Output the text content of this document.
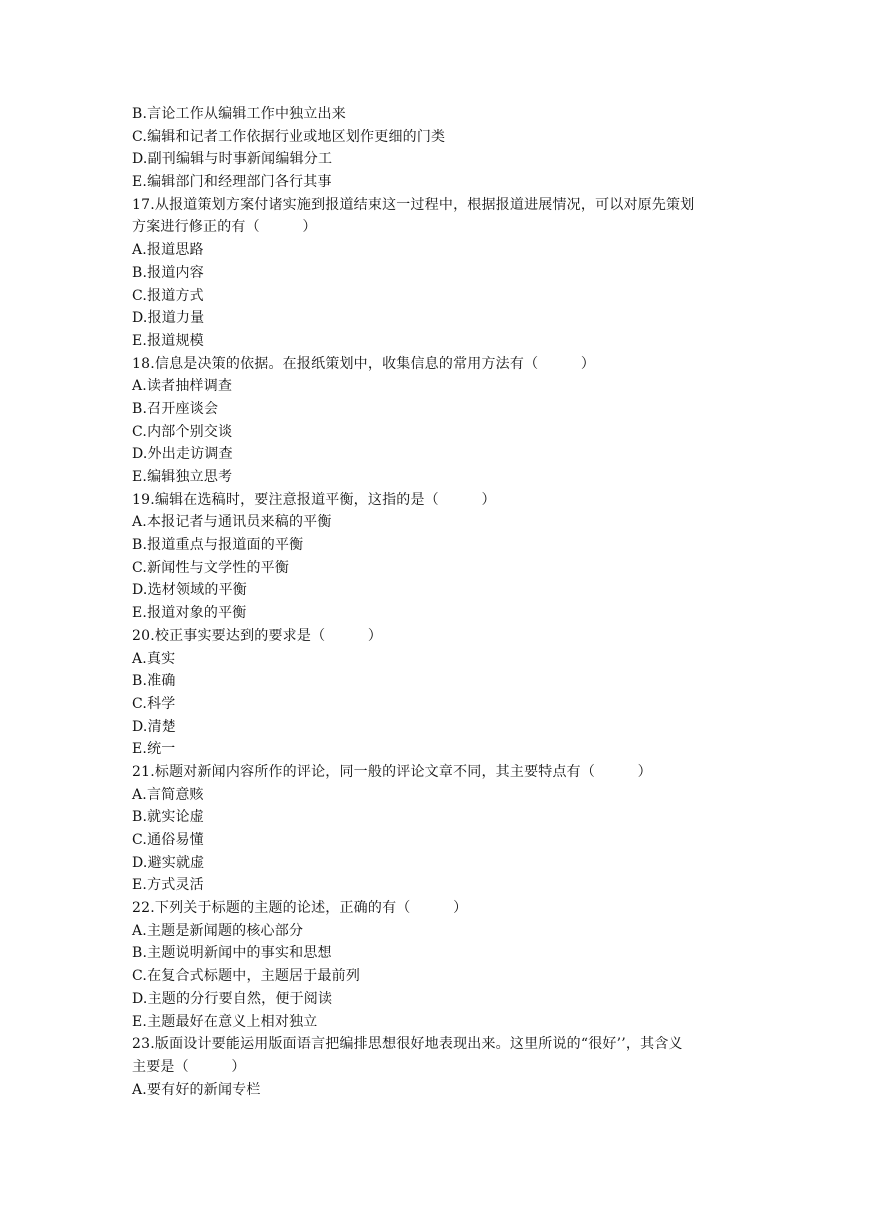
B.言论工作从编辑工作中独立出来
C.编辑和记者工作依据行业或地区划作更细的门类
D.副刊编辑与时事新闻编辑分工
E.编辑部门和经理部门各行其事
17.从报道策划方案付诸实施到报道结束这一过程中，根据报道进展情况，可以对原先策划
方案进行修正的有（　　　）
A.报道思路
B.报道内容
C.报道方式
D.报道力量
E.报道规模
18.信息是决策的依据。在报纸策划中，收集信息的常用方法有（　　　）
A.读者抽样调查
B.召开座谈会
C.内部个别交谈
D.外出走访调查
E.编辑独立思考
19.编辑在选稿时，要注意报道平衡，这指的是（　　　）
A.本报记者与通讯员来稿的平衡
B.报道重点与报道面的平衡
C.新闻性与文学性的平衡
D.选材领域的平衡
E.报道对象的平衡
20.校正事实要达到的要求是（　　　）
A.真实
B.准确
C.科学
D.清楚
E.统一
21.标题对新闻内容所作的评论，同一般的评论文章不同，其主要特点有（　　　）
A.言简意赅
B.就实论虚
C.通俗易懂
D.避实就虚
E.方式灵活
22.下列关于标题的主题的论述，正确的有（　　　）
A.主题是新闻题的核心部分
B.主题说明新闻中的事实和思想
C.在复合式标题中，主题居于最前列
D.主题的分行要自然，便于阅读
E.主题最好在意义上相对独立
23.版面设计要能运用版面语言把编排思想很好地表现出来。这里所说的“很好’’，其含义
主要是（　　　）
A.要有好的新闻专栏
